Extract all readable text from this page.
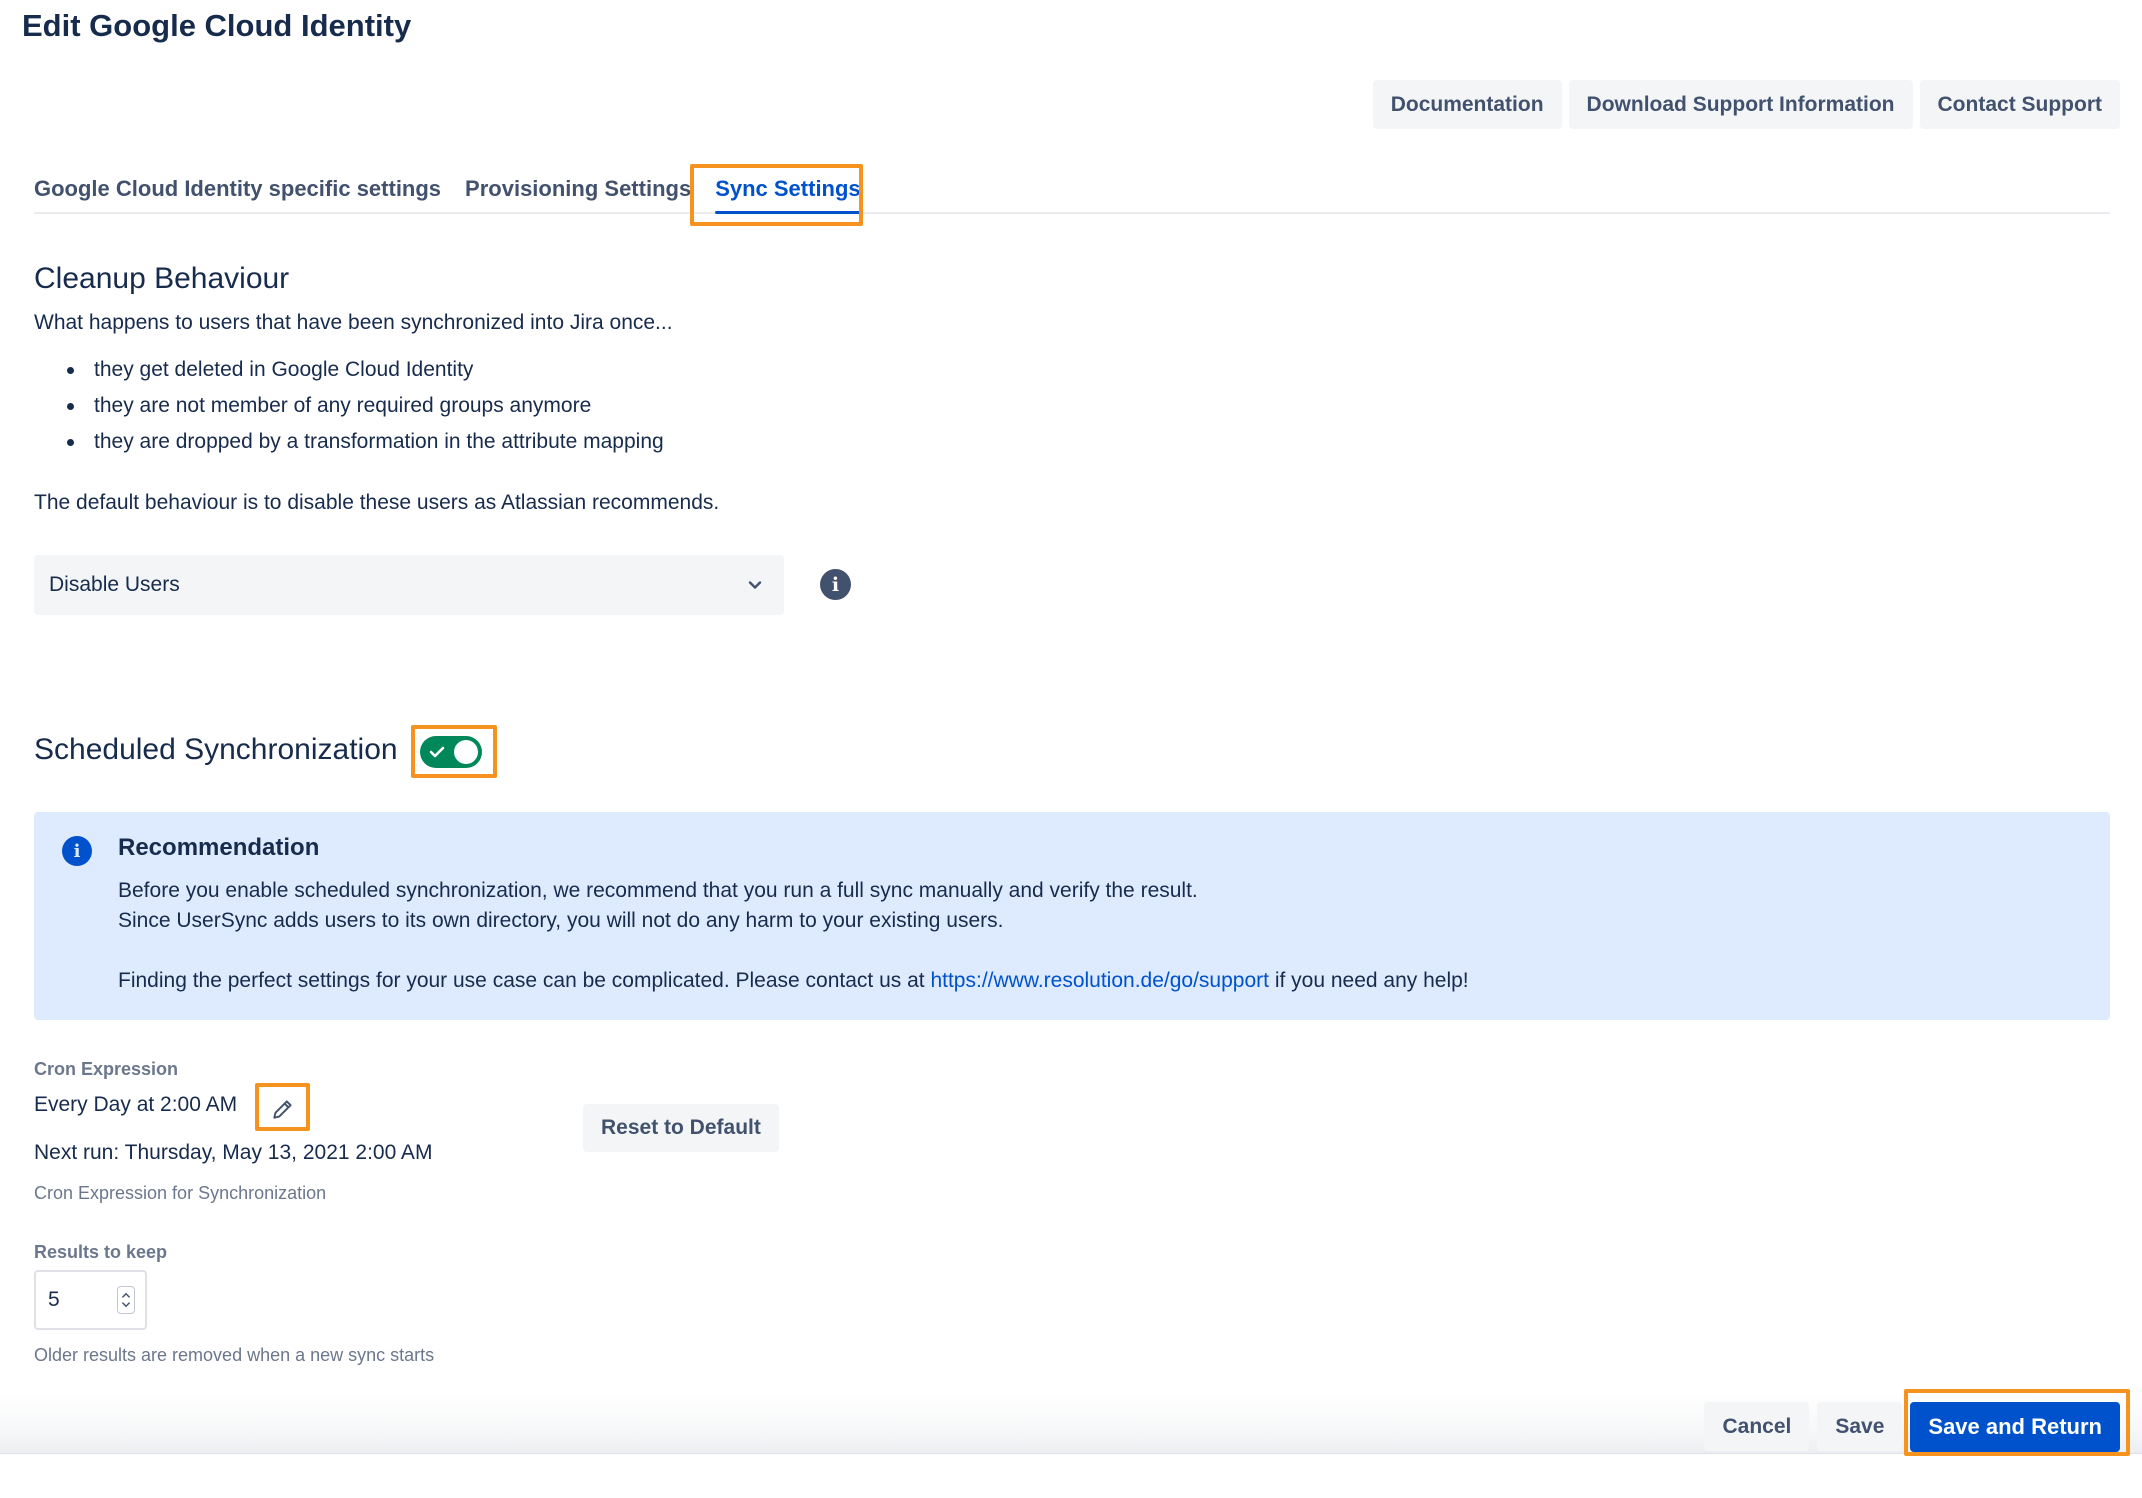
Edit Google Cloud Identity
Documentation	Download Support Information	Contact Support
Google Cloud Identity specific settings Provisioning Settings Sync Settings
Cleanup Behaviour

What happens to users that have been synchronized into Jira once...

they get deleted in Google Cloud Identity
they are not member of any required groups anymore
they are dropped by a transformation in the attribute mapping

The default behaviour is to disable these users as Atlassian recommends.

Disable Users	i
Scheduled Synchronization
i	Recommendation
Before you enable scheduled synchronization, we recommend that you run a full sync manually and verify the result.
Since UserSync adds users to its own directory, you will not do any harm to your existing users.
Finding the perfect settings for your use case can be complicated. Please contact us at https://www.resolution.de/go/support if you need any help!
Cron Expression
Every Day at 2:00 AM
Next run: Thursday, May 13, 2021 2:00 AM
Cron Expression for Synchronization
Reset to Default
Results to keep
5
Older results are removed when a new sync starts
Cancel	Save	Save and Return
